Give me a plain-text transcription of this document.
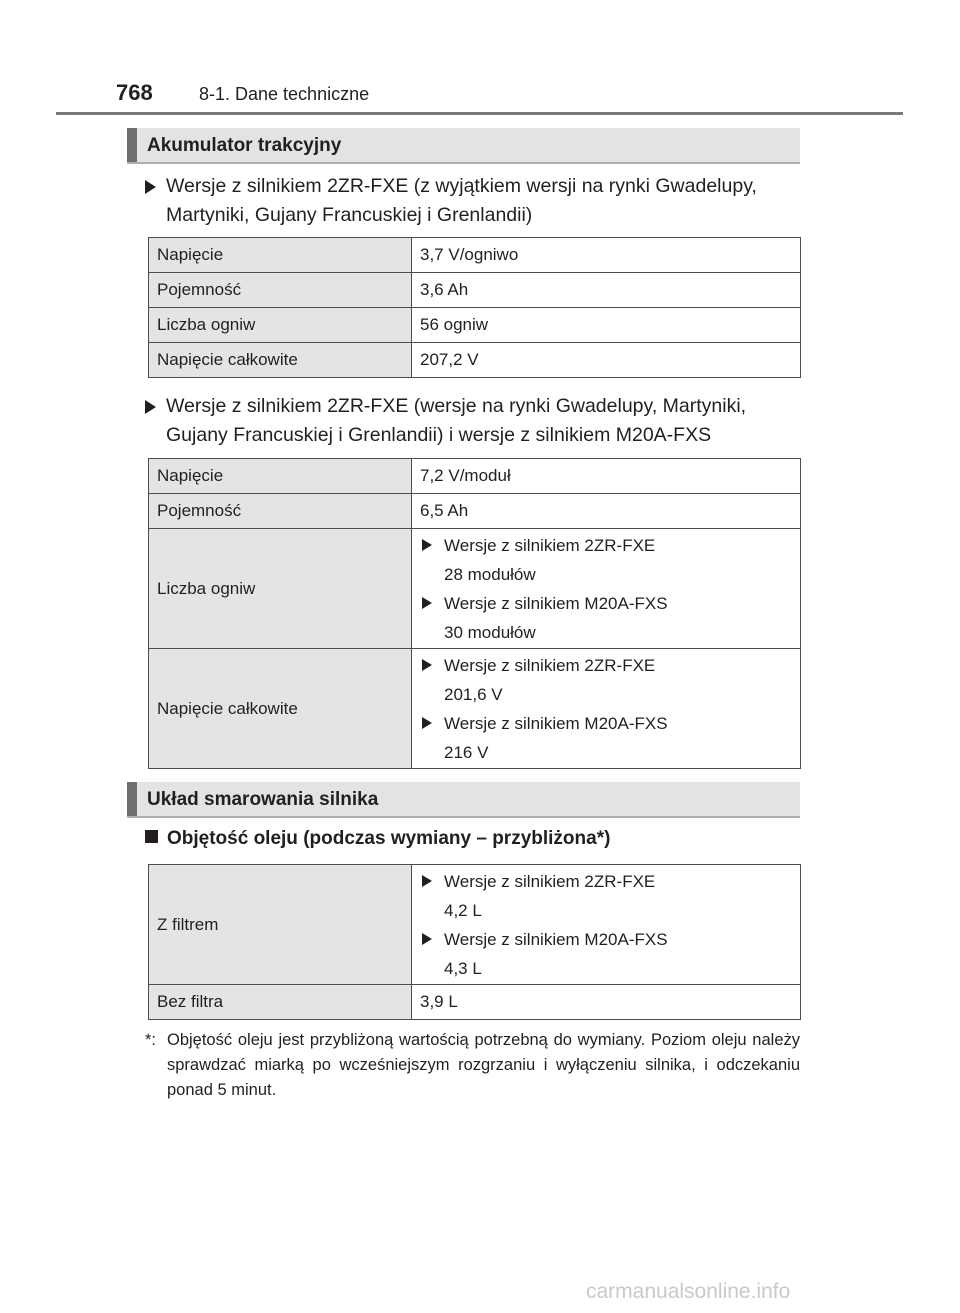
768	8-1. Dane techniczne
Akumulator trakcyjny
Wersje z silnikiem 2ZR-FXE (z wyjątkiem wersji na rynki Gwadelupy, Martyniki, Gujany Francuskiej i Grenlandii)
Napięcie	3,7 V/ogniwo
Pojemność	3,6 Ah
Liczba ogniw	56 ogniw
Napięcie całkowite	207,2 V
Wersje z silnikiem 2ZR-FXE (wersje na rynki Gwadelupy, Martyniki, Gujany Francuskiej i Grenlandii) i wersje z silnikiem M20A-FXS
Napięcie	7,2 V/moduł
Pojemność	6,5 Ah
Liczba ogniw	Wersje z silnikiem 2ZR-FXE
28 modułów
Wersje z silnikiem M20A-FXS
30 modułów

Napięcie całkowite	Wersje z silnikiem 2ZR-FXE
201,6 V
Wersje z silnikiem M20A-FXS
216 V
Układ smarowania silnika
Objętość oleju (podczas wymiany – przybliżona*)
Z filtrem	Wersje z silnikiem 2ZR-FXE
4,2 L
Wersje z silnikiem M20A-FXS
4,3 L

Bez filtra	3,9 L
*: Objętość oleju jest przybliżoną wartością potrzebną do wymiany. Poziom oleju należy sprawdzać miarką po wcześniejszym rozgrzaniu i wyłączeniu silnika, i odczekaniu ponad 5 minut.
carmanualsonline.info
